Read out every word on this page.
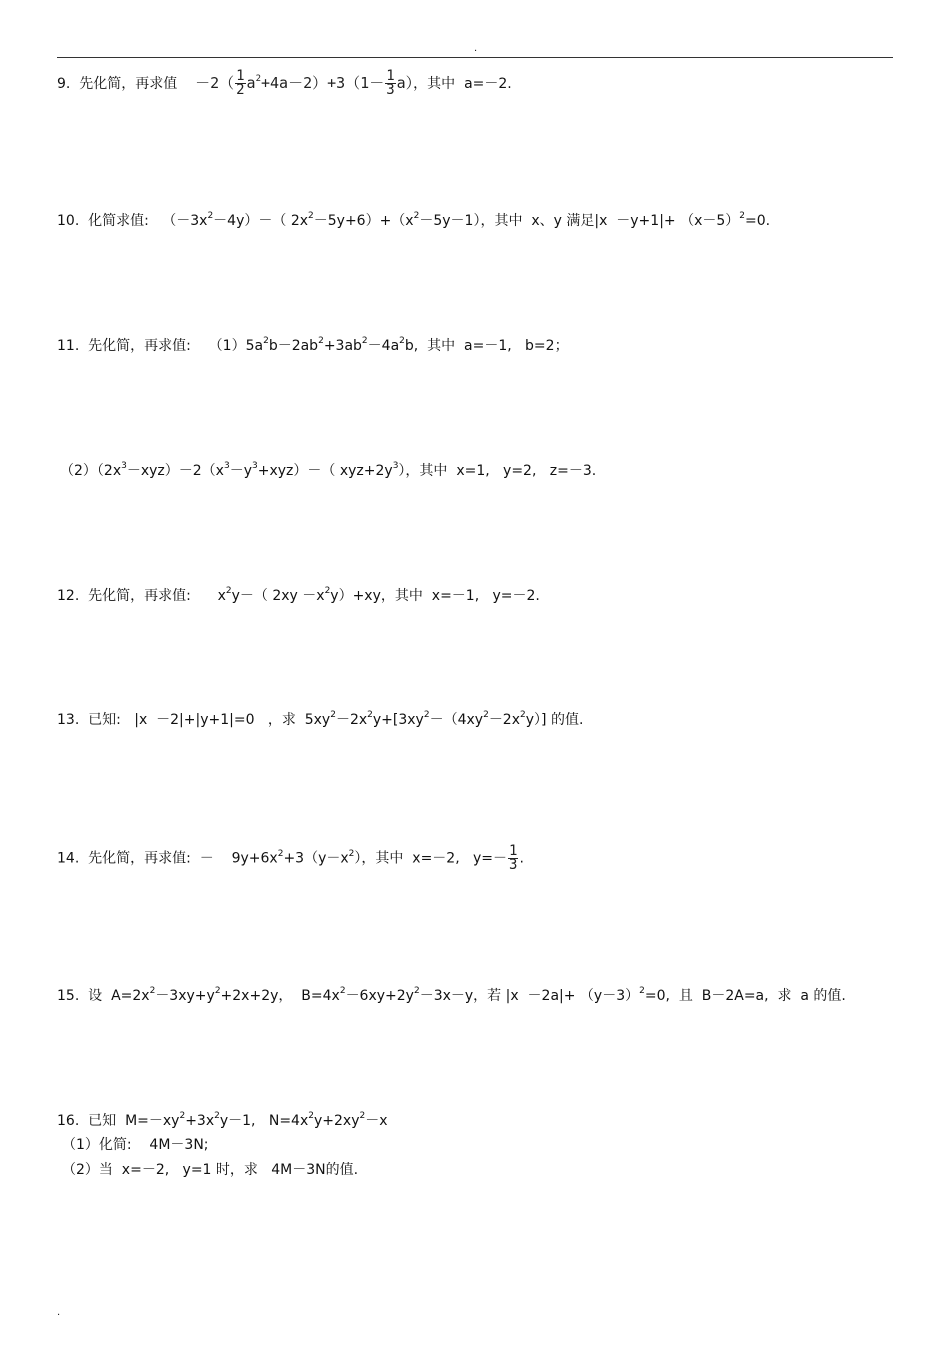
.
9.  先化简，再求值    $-2( \frac{1}{2} a^2+4a-2)+3(1- \frac{1}{3} a)$，其中  a=－2.
10.  化简求值:   $(-3x^2-4y)-$（ $2x^2-5y+6)+(x^2-5y-1)$，其中  x、y 满足$|x -y+1|+ (x-5)^2=0$.
11.  先化简，再求值:    $(1)5a^2b-2ab^2+3ab^2-4a^2b$,  其中  a=－1,   b=2；
$(2)(2x^3-xyz)-2(x^3-y^3+xyz)-$（ $xyz+2y^3$），其中  x=1,   y=2,   z=－3.
12.  先化简，再求值:      $x^2y-$（ $2xy -x^2y)+xy$，其中  x=－1,   y=－2.
13.  已知:   |x  －2|+|y+1|=0   ，求  $5xy^2-2x^2y+[3xy^2-(4xy^2-2x^2y)]$ 的值.
14.  先化简，再求值:  －    $9y+6x^2+3(y-x^2)$，其中  x=－2,   $y=- \frac{1}{3}$ .
15.  设  $A=2x^2-3xy+y^2+2x+2y$，  $B=4x^2-6xy+2y^2-3x-y$，若 $|x -2a|+ (y-3)^2=0$,  且  B－2A=a,  求  a 的值.
16.  已知  $M=-xy^2+3x^2y-1$,   $N=4x^2y+2xy^2-x$
（1）化简:    4M－3N;
（2）当  x=－2,   y=1 时，求   4M－3N的值.
.
